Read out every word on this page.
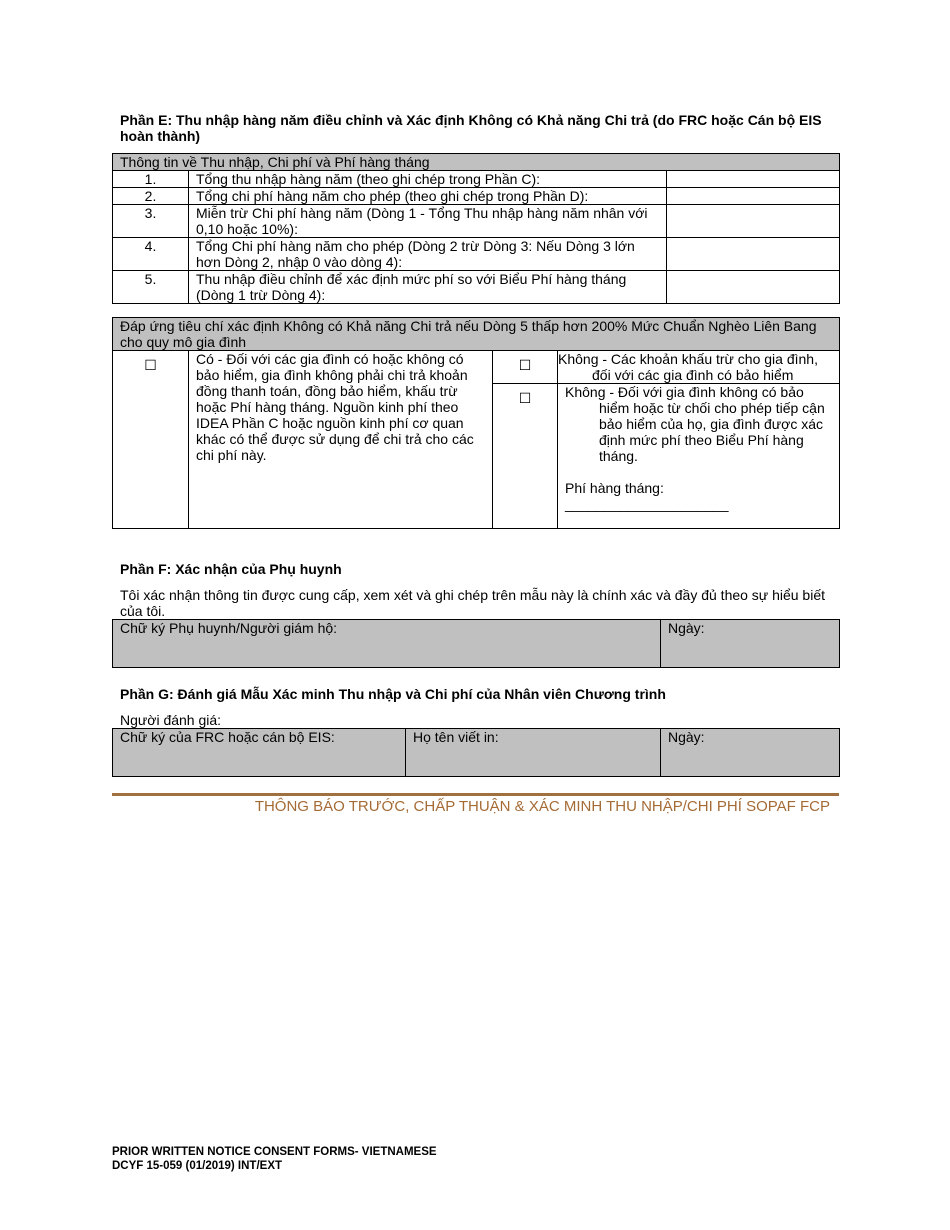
Phần E: Thu nhập hàng năm điều chỉnh và Xác định Không có Khả năng Chi trả (do FRC hoặc Cán bộ EIS hoàn thành)
Thông tin về Thu nhập, Chi phí và Phí hàng tháng		
1.	Tổng thu nhập hàng năm (theo ghi chép trong Phần C):	
2.	Tổng chi phí hàng năm cho phép (theo ghi chép trong Phần D):	
3.	Miễn trừ Chi phí hàng năm (Dòng 1 - Tổng Thu nhập hàng năm nhân với 0,10 hoặc 10%):	
4.	Tổng Chi phí hàng năm cho phép (Dòng 2 trừ Dòng 3: Nếu Dòng 3 lớn hơn Dòng 2, nhập 0 vào dòng 4):	
5.	Thu nhập điều chỉnh để xác định mức phí so với Biểu Phí hàng tháng (Dòng 1 trừ Dòng 4):	
Đáp ứng tiêu chí xác định Không có Khả năng Chi trả nếu Dòng 5 thấp hơn 200% Mức Chuẩn Nghèo Liên Bang cho quy mô gia đình			
☐	Có - Đối với các gia đình có hoặc không có bảo hiểm, gia đình không phải chi trả khoản đồng thanh toán, đồng bảo hiểm, khấu trừ hoặc Phí hàng tháng. Nguồn kinh phí theo IDEA Phần C hoặc nguồn kinh phí cơ quan khác có thể được sử dụng để chi trả cho các chi phí này.	☐	Không - Các khoản khấu trừ cho gia đình, đối với các gia đình có bảo hiểm
		☐	Không - Đối với gia đình không có bảo hiểm hoặc từ chối cho phép tiếp cận bảo hiểm của họ, gia đình được xác định mức phí theo Biểu Phí hàng tháng.
Phí hàng tháng:
_____________________
Phần F: Xác nhận của Phụ huynh
Tôi xác nhận thông tin được cung cấp, xem xét và ghi chép trên mẫu này là chính xác và đầy đủ theo sự hiểu biết của tôi.
Chữ ký Phụ huynh/Người giám hộ:	Ngày:
Phần G: Đánh giá Mẫu Xác minh Thu nhập và Chi phí của Nhân viên Chương trình
Người đánh giá:
Chữ ký của FRC hoặc cán bộ EIS:	Họ tên viết in:	Ngày:
THÔNG BÁO TRƯỚC, CHẤP THUẬN & XÁC MINH THU NHẬP/CHI PHÍ SOPAF FCP
PRIOR WRITTEN NOTICE CONSENT FORMS- VIETNAMESE
DCYF 15-059 (01/2019) INT/EXT
